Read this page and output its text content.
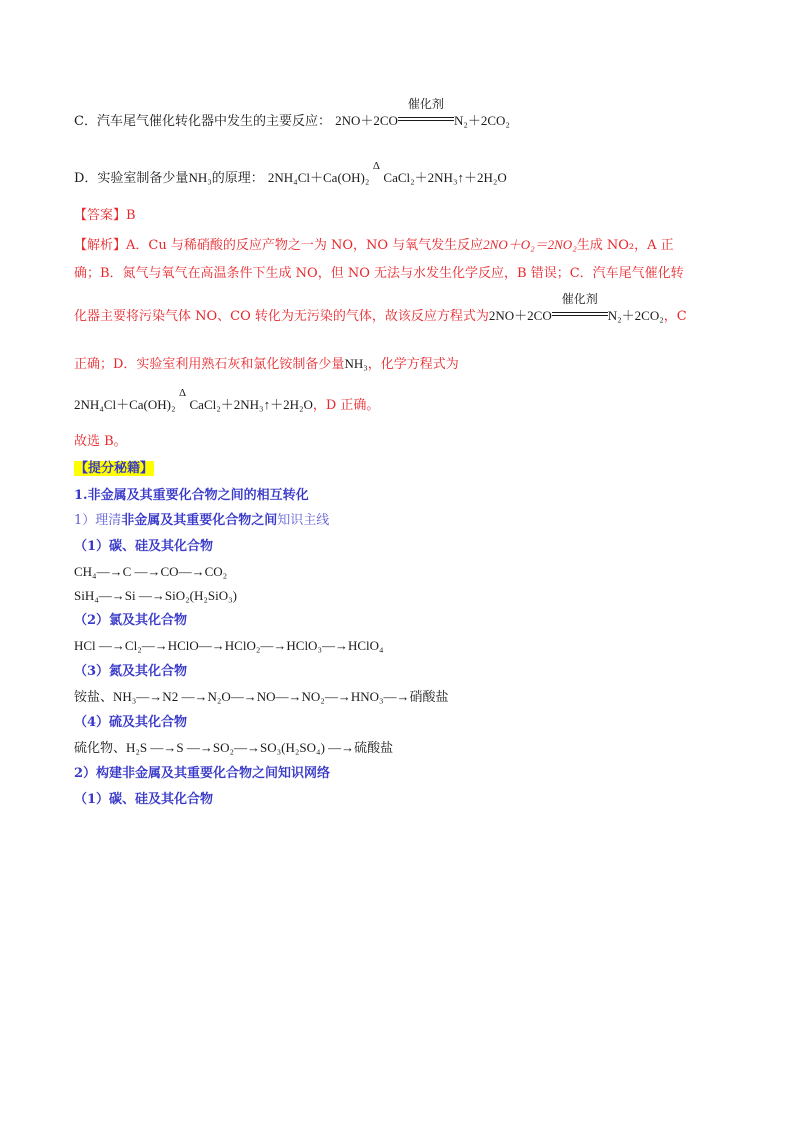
C．汽车尾气催化转化器中发生的主要反应： 2NO＋2CO
催化剂
N₂＋2CO₂
D．实验室制备少量NH₃的原理： 2NH₄Cl＋Ca(OH)₂
Δ
CaCl₂＋2NH₃↑＋2H₂O
【答案】B
【解析】A．Cu 与稀硝酸的反应产物之一为 NO，NO 与氧气发生反应2NO＋O₂＝2NO₂生成 NO₂，A 正
确；B．氮气与氧气在高温条件下生成 NO，但 NO 无法与水发生化学反应，B 错误；C．汽车尾气催化转
化器主要将污染气体 NO、CO 转化为无污染的气体，故该反应方程式为2NO＋2CO
催化剂
N₂＋2CO₂，C
正确；D．实验室利用熟石灰和氯化铵制备少量NH₃，化学方程式为
2NH₄Cl＋Ca(OH)₂
Δ
CaCl₂＋2NH₃↑＋2H₂O，D 正确。
故选 B。
【提分秘籍】
1.非金属及其重要化合物之间的相互转化
1）理清非金属及其重要化合物之间知识主线
（1）碳、硅及其化合物
CH₄—→C —→CO—→CO₂
SiH₄—→Si —→SiO₂(H₂SiO₃)
（2）氯及其化合物
HCl —→Cl₂—→HClO—→HClO₂—→HClO₃—→HClO₄
（3）氮及其化合物
铵盐、NH₃—→N2 —→N₂O—→NO—→NO₂—→HNO₃—→硝酸盐
（4）硫及其化合物
硫化物、H₂S —→S —→SO₂—→SO₃(H₂SO₄) —→硫酸盐
2）构建非金属及其重要化合物之间知识网络
（1）碳、硅及其化合物
